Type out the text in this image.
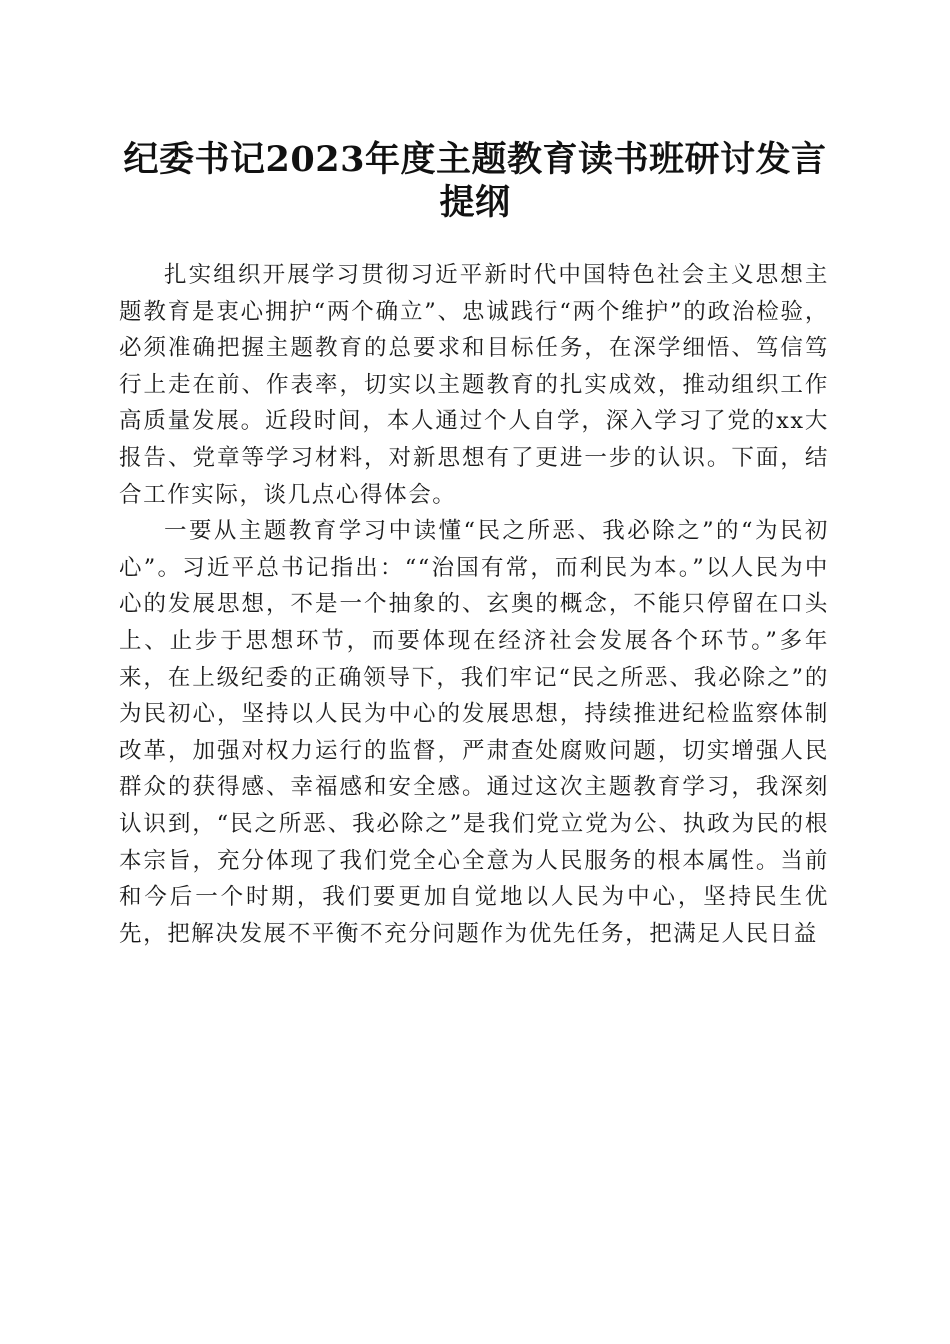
纪委书记2023年度主题教育读书班研讨发言
提纲

扎实组织开展学习贯彻习近平新时代中国特色社会主义思想主题教育是衷心拥护“两个确立”、忠诚践行“两个维护”的政治检验，必须准确把握主题教育的总要求和目标任务，在深学细悟、笃信笃行上走在前、作表率，切实以主题教育的扎实成效，推动组织工作高质量发展。近段时间，本人通过个人自学，深入学习了党的xx大报告、党章等学习材料，对新思想有了更进一步的认识。下面，结合工作实际，谈几点心得体会。

一要从主题教育学习中读懂“民之所恶、我必除之”的“为民初心”。习近平总书记指出：““治国有常，而利民为本。”以人民为中心的发展思想，不是一个抽象的、玄奥的概念，不能只停留在口头上、止步于思想环节，而要体现在经济社会发展各个环节。”多年来，在上级纪委的正确领导下，我们牢记“民之所恶、我必除之”的为民初心，坚持以人民为中心的发展思想，持续推进纪检监察体制改革，加强对权力运行的监督，严肃查处腐败问题，切实增强人民群众的获得感、幸福感和安全感。通过这次主题教育学习，我深刻认识到，“民之所恶、我必除之”是我们党立党为公、执政为民的根本宗旨，充分体现了我们党全心全意为人民服务的根本属性。当前和今后一个时期，我们要更加自觉地以人民为中心，坚持民生优先，把解决发展不平衡不充分问题作为优先任务，把满足人民日益
